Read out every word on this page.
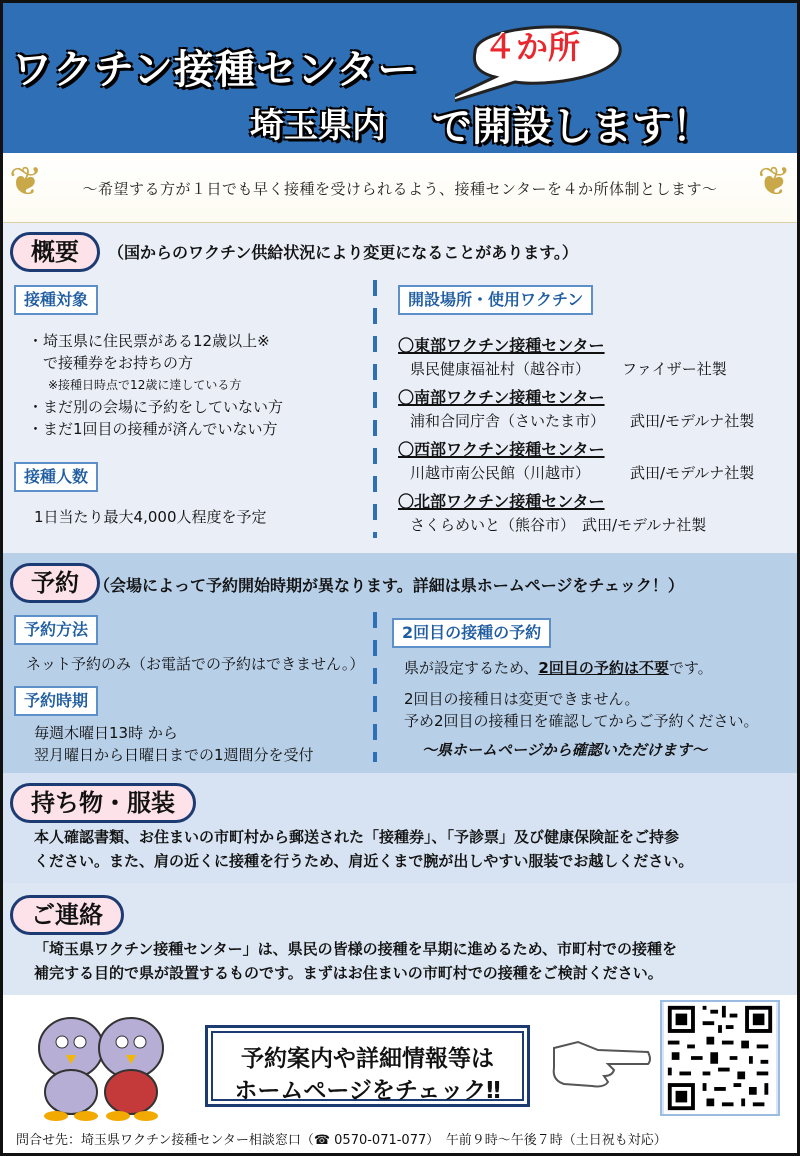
ワクチン接種センター ４か所
埼玉県内 で開設します！
❦	〜希望する方が１日でも早く接種を受けられるよう、接種センターを４か所体制とします〜	❦
概要	（国からのワクチン供給状況により変更になることがあります。）
接種対象
・埼玉県に住民票がある12歳以上※
　で接種券をお持ちの方
※接種日時点で12歳に達している方
・まだ別の会場に予約をしていない方
・まだ1回目の接種が済んでいない方
接種人数
1日当たり最大4,000人程度を予定
開設場所・使用ワクチン
〇東部ワクチン接種センター
県民健康福祉村（越谷市） ファイザー社製
〇南部ワクチン接種センター
浦和合同庁舎（さいたま市） 武田/モデルナ社製
〇西部ワクチン接種センター
川越市南公民館（川越市）	武田/モデルナ社製
〇北部ワクチン接種センター
さくらめいと（熊谷市） 武田/モデルナ社製
予約 （会場によって予約開始時期が異なります。詳細は県ホームページをチェック！）
予約方法
ネット予約のみ（お電話での予約はできません。）
予約時期
毎週木曜日13時 から
翌月曜日から日曜日までの1週間分を受付
2回目の接種の予約
県が設定するため、2回目の予約は不要です。
2回目の接種日は変更できません。
予め2回目の接種日を確認してからご予約ください。
〜県ホームページから確認いただけます〜
持ち物・服装
本人確認書類、お住まいの市町村から郵送された「接種券」、「予診票」及び健康保険証をご持参
ください。また、肩の近くに接種を行うため、肩近くまで腕が出しやすい服装でお越しください。
ご連絡
「埼玉県ワクチン接種センター」は、県民の皆様の接種を早期に進めるため、市町村での接種を
補完する目的で県が設置するものです。まずはお住まいの市町村での接種をご検討ください。
予約案内や詳細情報等は
ホームページをチェック‼
問合せ先：埼玉県ワクチン接種センター相談窓口（☎ 0570-071-077）　午前９時〜午後７時（土日祝も対応）
